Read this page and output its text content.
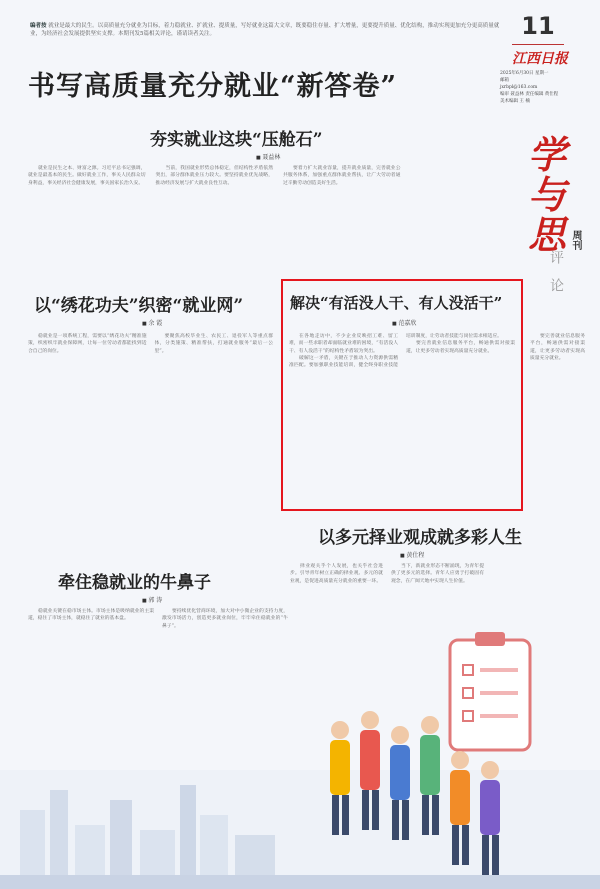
编者按 就业是最大的民生。以高质量充分就业为目标，着力稳就业、扩就业、提质量，写好就业这篇大文章，既要稳住存量、扩大增量，更要提升质量、优化结构，推动实现更加充分更高质量就业，为经济社会发展提供坚实支撑。本期刊发5篇相关评论，谨请读者关注。	11
江西日报
2025年6月30日 星期一
邮箱
jxrbpl@163.com
编审 聂益林 责任编辑 黄仕程
美术编辑 王 楠
学与思 周刊
评论
书写高质量充分就业“新答卷”
夯实就业这块“压舱石”
■ 聂益林

就业是民生之本、财富之源。习近平总书记强调，就业是最基本的民生。做好就业工作，事关人民群众切身利益，事关经济社会健康发展，事关国家长治久安。

当前，我国就业形势总体稳定，但结构性矛盾依然突出，部分群体就业压力较大。要坚持就业优先战略，推动经济发展与扩大就业良性互动。

要着力扩大就业容量，提升就业质量，完善就业公共服务体系，加强重点群体就业帮扶，让广大劳动者通过辛勤劳动创造美好生活。

以“绣花功夫”织密“就业网”
■ 余 霞

稳就业是一项系统工程，需要以“绣花功夫”精准施策，织密织牢就业保障网，让每一位劳动者都能找到适合自己的岗位。

要聚焦高校毕业生、农民工、退役军人等重点群体，分类施策、精准帮扶，打通就业服务“最后一公里”。

解决“有活没人干、有人没活干”
■ 范嘉欣

在各地走访中，不少企业反映招工难、留工难，而一些求职者却面临就业难的困境，“有活没人干、有人没活干”的结构性矛盾较为突出。

破解这一矛盾，关键在于推动人力资源供需精准匹配。要加强职业技能培训，健全终身职业技能培训制度，让劳动者技能与岗位需求相适应。

要完善就业信息服务平台，畅通供需对接渠道，让更多劳动者实现高质量充分就业。

要完善就业信息服务平台，畅通供需对接渠道，让更多劳动者实现高质量充分就业。

以多元择业观成就多彩人生
■ 黄仕程

择业观关乎个人发展，也关乎社会进步。引导青年树立正确的择业观、多元的就业观，是促进高质量充分就业的重要一环。

当下，新就业形态不断涌现，为青年提供了更多元的选择。青年人应勇于打破固有观念，在广阔天地中实现人生价值。

牵住稳就业的牛鼻子
■ 郭 涛

稳就业关键在稳市场主体。市场主体是吸纳就业的主渠道，稳住了市场主体，就稳住了就业的基本盘。

要持续优化营商环境，加大对中小微企业的支持力度，激发市场活力，创造更多就业岗位，牢牢牵住稳就业的“牛鼻子”。
